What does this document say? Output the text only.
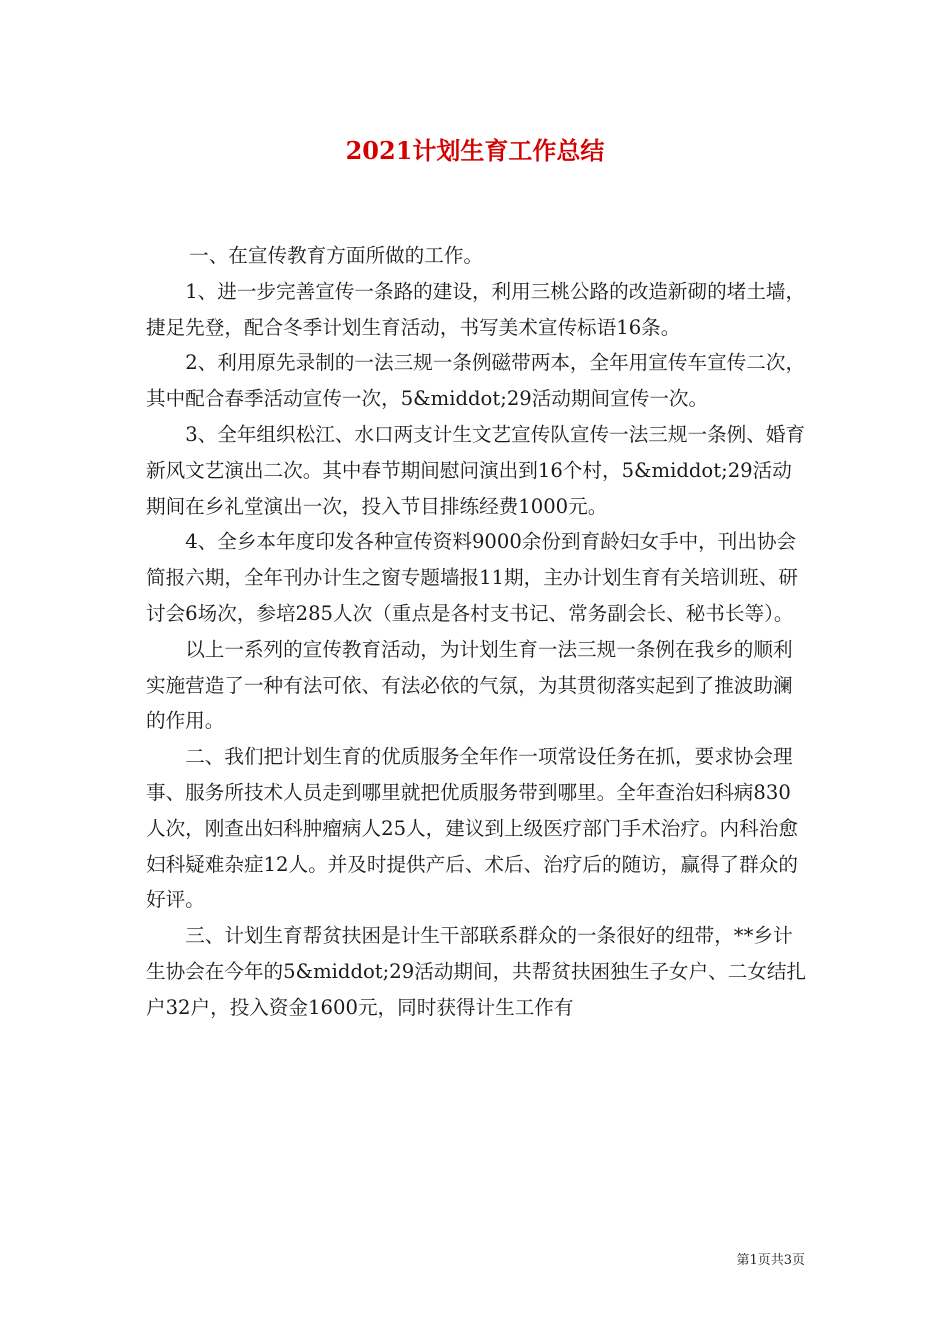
2021计划生育工作总结

一、在宣传教育方面所做的工作。

1、进一步完善宣传一条路的建设，利用三桃公路的改造新砌的堵土墙，捷足先登，配合冬季计划生育活动，书写美术宣传标语16条。

2、利用原先录制的一法三规一条例磁带两本，全年用宣传车宣传二次，其中配合春季活动宣传一次，5&middot;29活动期间宣传一次。

3、全年组织松江、水口两支计生文艺宣传队宣传一法三规一条例、婚育新风文艺演出二次。其中春节期间慰问演出到16个村，5&middot;29活动期间在乡礼堂演出一次，投入节目排练经费1000元。

4、全乡本年度印发各种宣传资料9000余份到育龄妇女手中，刊出协会简报六期，全年刊办计生之窗专题墙报11期，主办计划生育有关培训班、研讨会6场次，参培285人次（重点是各村支书记、常务副会长、秘书长等）。

以上一系列的宣传教育活动，为计划生育一法三规一条例在我乡的顺利实施营造了一种有法可依、有法必依的气氛，为其贯彻落实起到了推波助澜的作用。

二、我们把计划生育的优质服务全年作一项常设任务在抓，要求协会理事、服务所技术人员走到哪里就把优质服务带到哪里。全年查治妇科病830人次，刚查出妇科肿瘤病人25人，建议到上级医疗部门手术治疗。内科治愈妇科疑难杂症12人。并及时提供产后、术后、治疗后的随访，赢得了群众的好评。

三、计划生育帮贫扶困是计生干部联系群众的一条很好的纽带，**乡计生协会在今年的5&middot;29活动期间，共帮贫扶困独生子女户、二女结扎户32户，投入资金1600元，同时获得计生工作有

第1页共3页
